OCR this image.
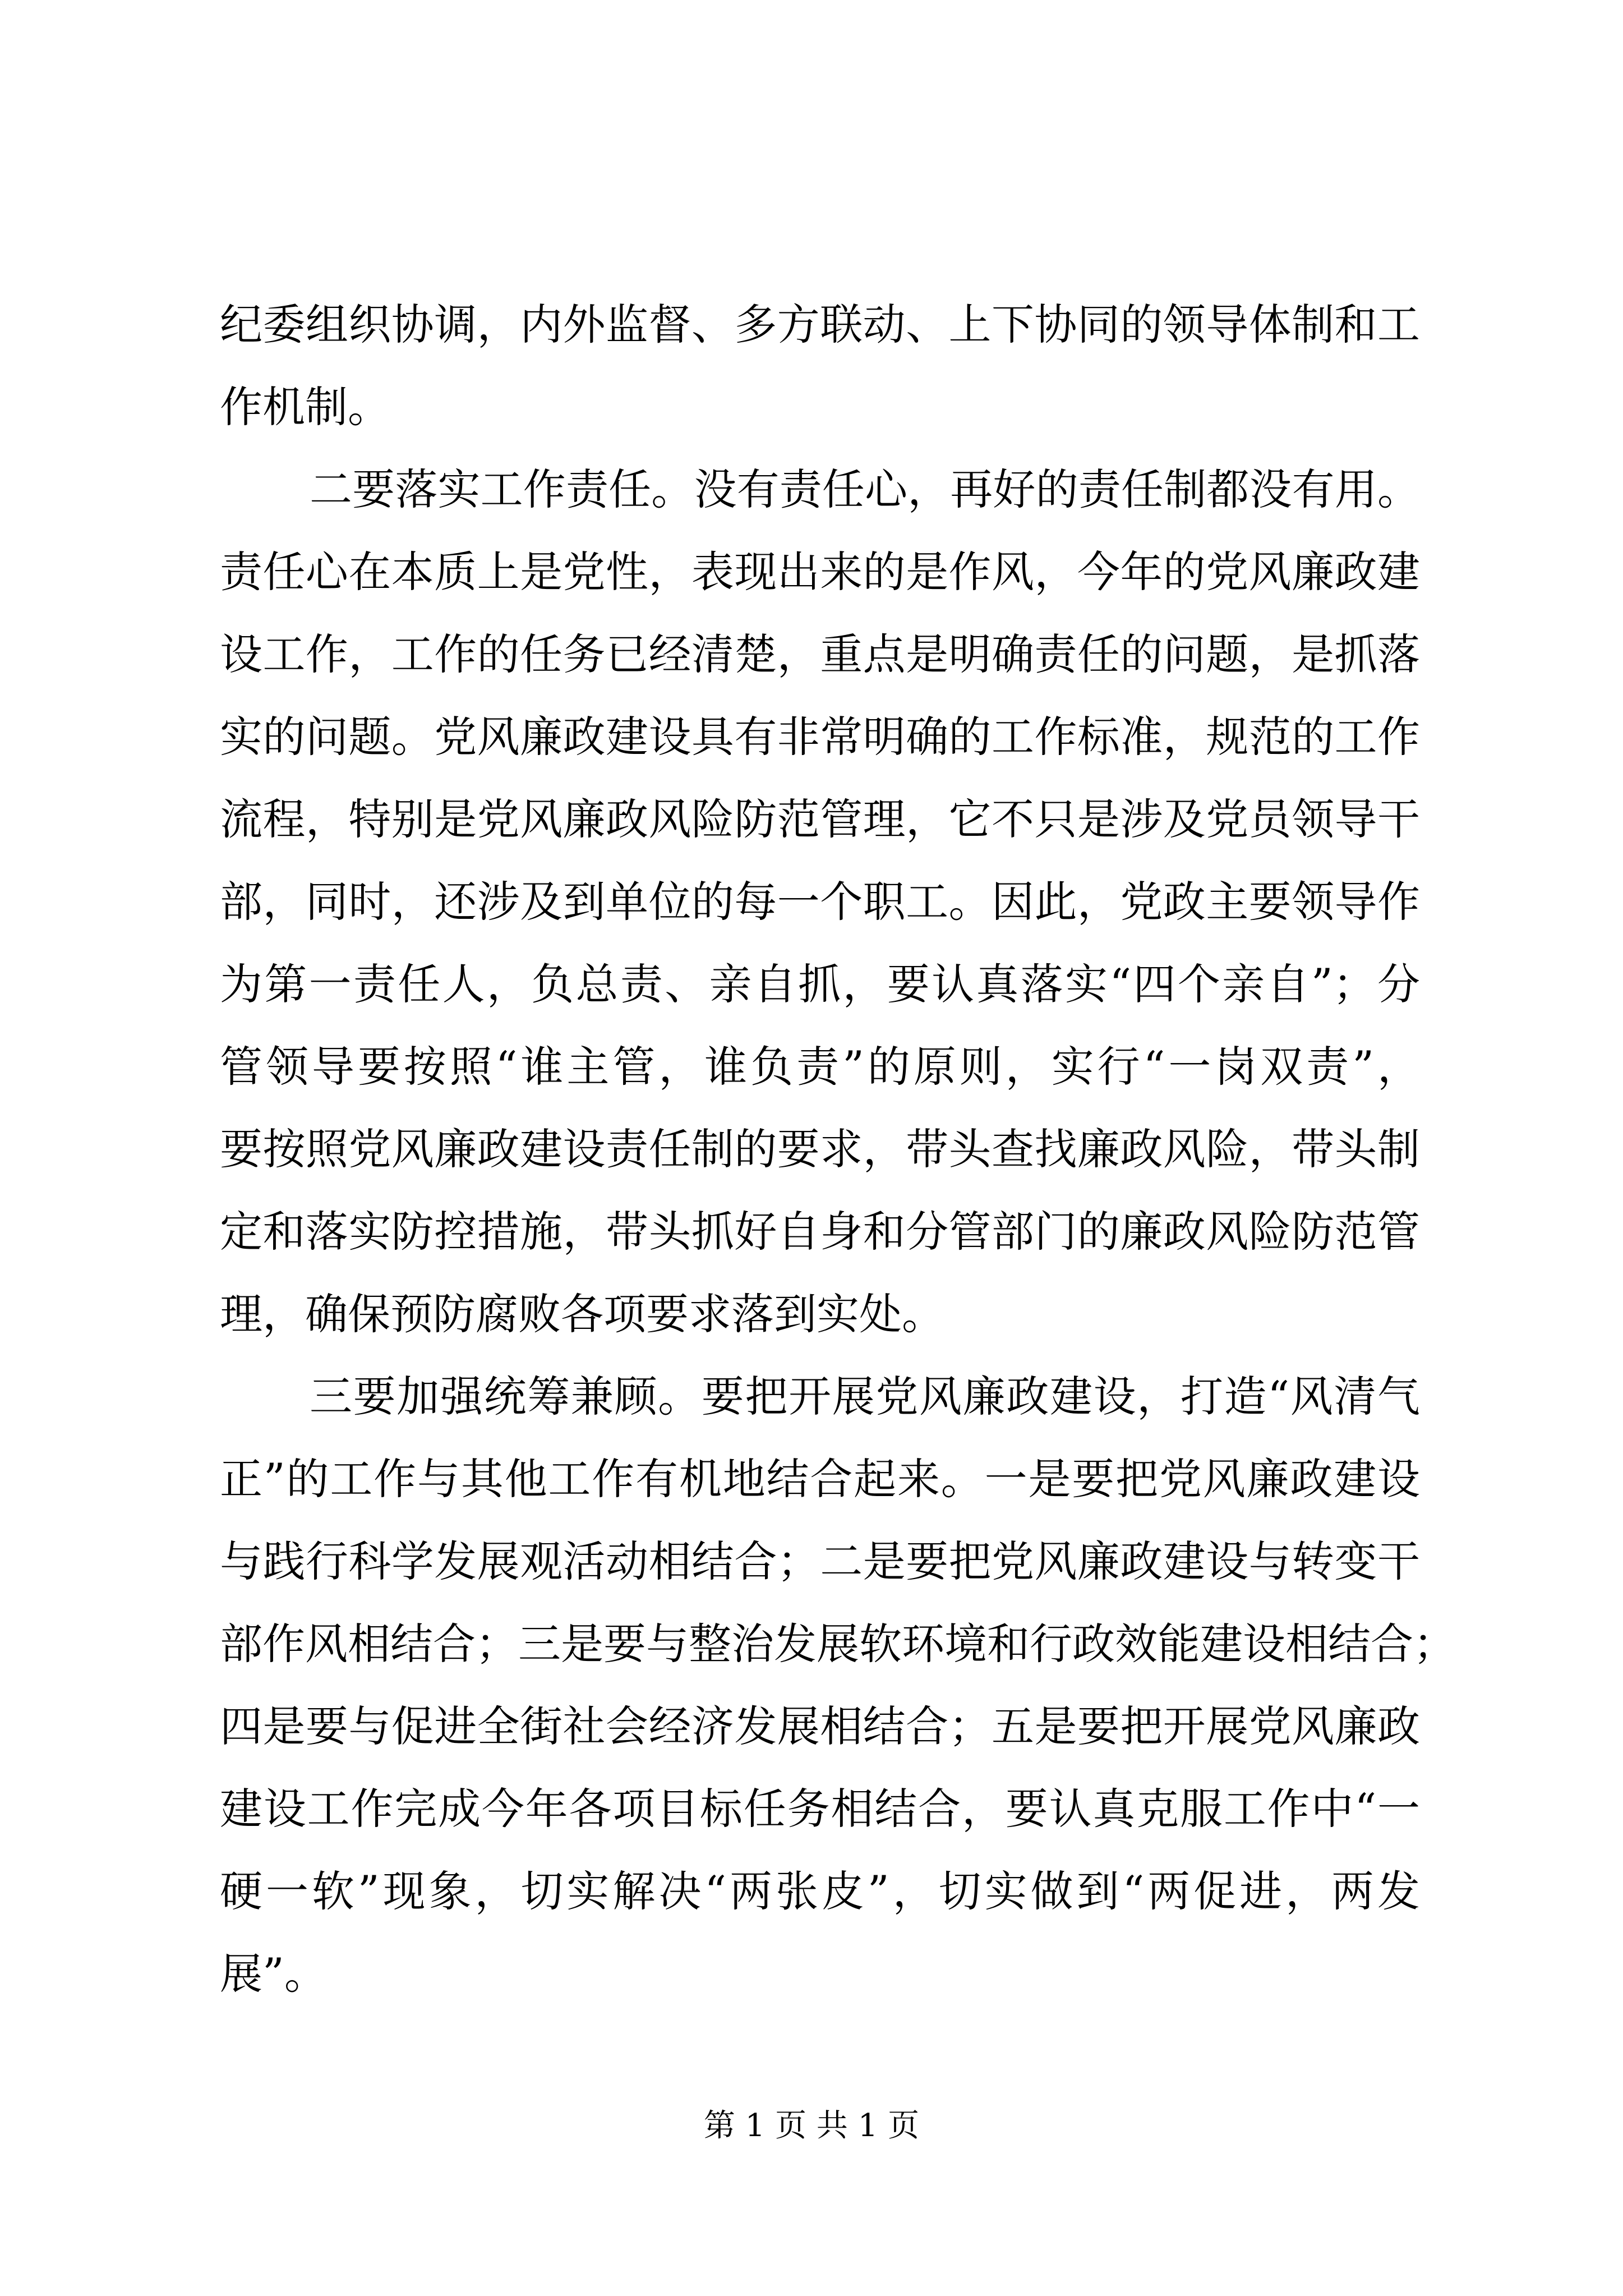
纪委组织协调，内外监督、多方联动、上下协同的领导体制和工
作机制。
二要落实工作责任。没有责任心，再好的责任制都没有用。
责任心在本质上是党性，表现出来的是作风，今年的党风廉政建
设工作，工作的任务已经清楚，重点是明确责任的问题，是抓落
实的问题。党风廉政建设具有非常明确的工作标准，规范的工作
流程，特别是党风廉政风险防范管理，它不只是涉及党员领导干
部，同时，还涉及到单位的每一个职工。因此，党政主要领导作
为第一责任人，负总责、亲自抓，要认真落实“四个亲自”；分
管领导要按照“谁主管，谁负责”的原则，实行“一岗双责”，
要按照党风廉政建设责任制的要求，带头查找廉政风险，带头制
定和落实防控措施，带头抓好自身和分管部门的廉政风险防范管
理，确保预防腐败各项要求落到实处。
三要加强统筹兼顾。要把开展党风廉政建设，打造“风清气
正”的工作与其他工作有机地结合起来。一是要把党风廉政建设
与践行科学发展观活动相结合；二是要把党风廉政建设与转变干
部作风相结合；三是要与整治发展软环境和行政效能建设相结合；
四是要与促进全街社会经济发展相结合；五是要把开展党风廉政
建设工作完成今年各项目标任务相结合，要认真克服工作中“一
硬一软”现象，切实解决“两张皮”，切实做到“两促进，两发
展”。
第 1 页 共 1 页
